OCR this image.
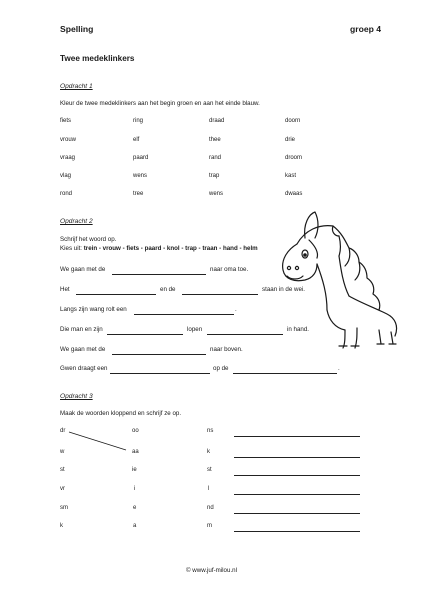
Spelling	groep 4
Twee medeklinkers
Opdracht 1
Kleur de twee medeklinkers aan het begin groen en aan het einde blauw.
fiets	ring	draad	doorn
vrouw	elf	thee	drie
vraag	paard	rand	droom
vlag	wens	trap	kast
rond	tree	wens	dwaas
Opdracht 2
Schrijf het woord op.
Kies uit: trein - vrouw - fiets - paard - knol - trap - traan - hand - helm
We gaan met de	naar oma toe.
Het	en de	staan in de wei.
Langs zijn wang rolt een	.
Die man en zijn	lopen	in hand.
We gaan met de	naar boven.
Gwen draagt een	op de	.
Opdracht 3
Maak de woorden kloppend en schrijf ze op.
dr	oo	ns
w	aa	k
st	ie	st
vr	i	l
sm	e	nd
k	a	m
© www.juf-milou.nl
